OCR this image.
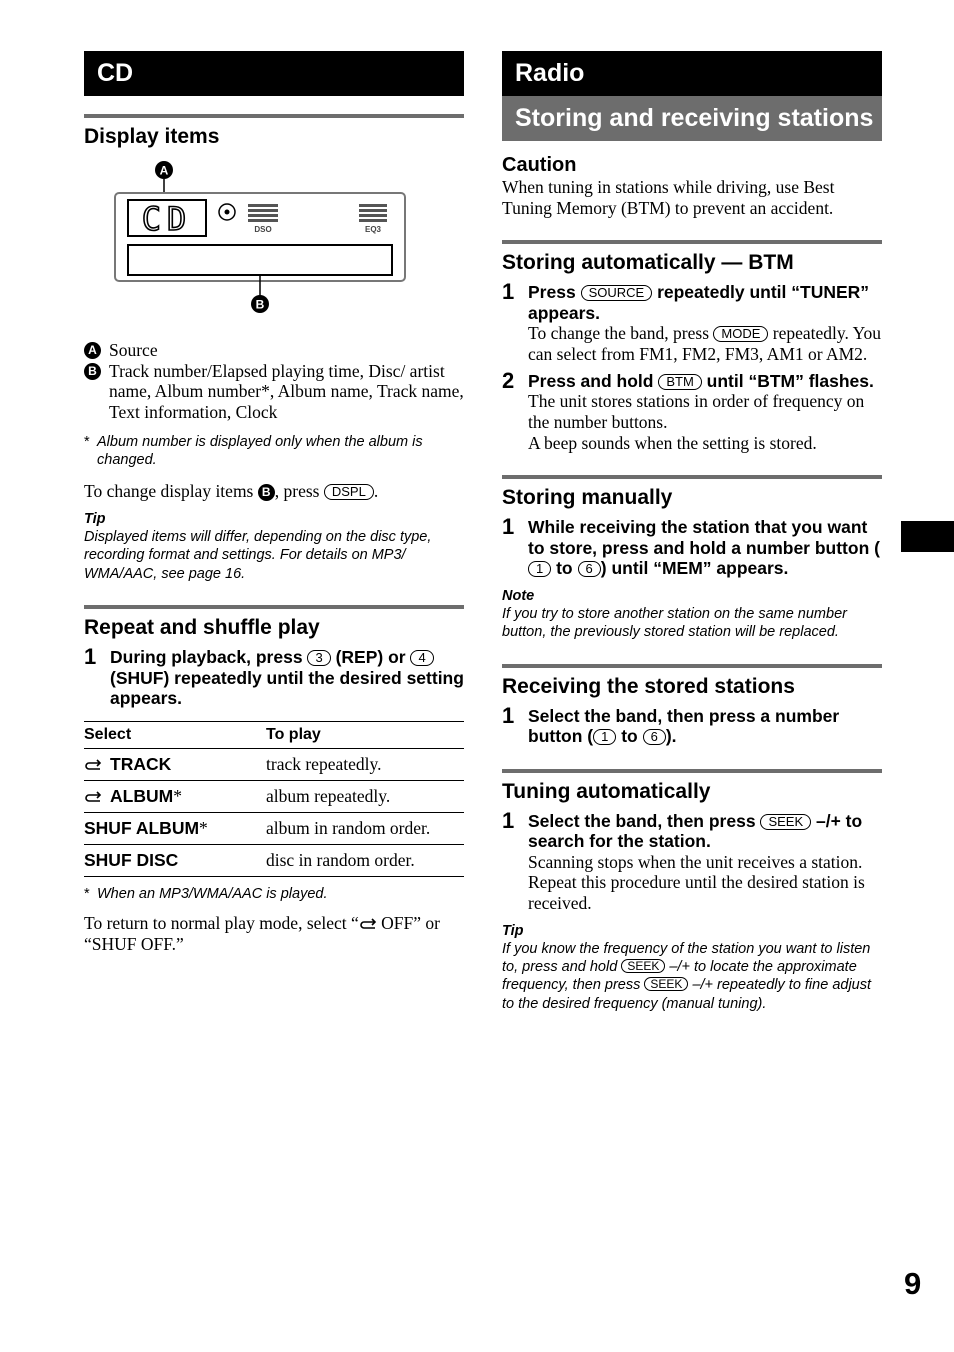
CD
Display items
A
CD	DSO	EQ3
B
A Source
B Track number/Elapsed playing time, Disc/ artist name, Album number*, Album name, Track name, Text information, Clock
* Album number is displayed only when the album is changed.
To change display items B , press DSPL .
Tip
Displayed items will differ, depending on the disc type, recording format and settings. For details on MP3/ WMA/AAC, see page 16.
Repeat and shuffle play
1 During playback, press 3 (REP) or 4 (SHUF) repeatedly until the desired setting appears.
Select	To play
TRACK	track repeatedly.
ALBUM*	album repeatedly.
SHUF ALBUM*	album in random order.
SHUF DISC	disc in random order.
* When an MP3/WMA/AAC is played.
To return to normal play mode, select “ OFF” or “SHUF OFF.”
Radio
Storing and receiving stations
Caution
When tuning in stations while driving, use Best Tuning Memory (BTM) to prevent an accident.
Storing automatically — BTM
1 Press SOURCE repeatedly until “TUNER” appears.
To change the band, press MODE repeatedly. You can select from FM1, FM2, FM3, AM1 or AM2.
2 Press and hold BTM until “BTM” flashes.
The unit stores stations in order of frequency on the number buttons.
A beep sounds when the setting is stored.
Storing manually
1 While receiving the station that you want to store, press and hold a number button (1 to 6 ) until “MEM” appears.
Note
If you try to store another station on the same number button, the previously stored station will be replaced.
Receiving the stored stations
1 Select the band, then press a number button ( 1 to 6 ).
Tuning automatically
1 Select the band, then press SEEK –/+ to search for the station.
Scanning stops when the unit receives a station. Repeat this procedure until the desired station is received.
Tip
If you know the frequency of the station you want to listen to, press and hold SEEK –/+ to locate the approximate frequency, then press SEEK –/+ repeatedly to fine adjust to the desired frequency (manual tuning).
9
